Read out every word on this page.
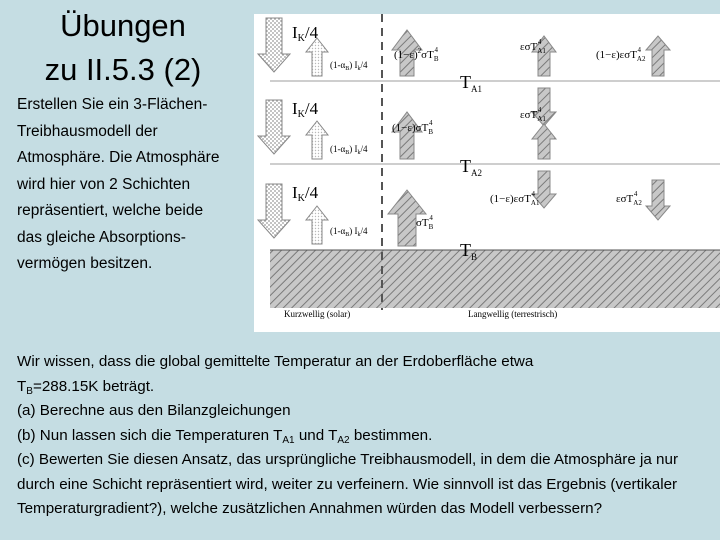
Übungen
zu II.5.3 (2)
Erstellen Sie ein 3-Flächen-
Treibhausmodell der
Atmosphäre. Die Atmosphäre
wird hier von 2 Schichten
repräsentiert, welche beide
das gleiche Absorptions-
vermögen besitzen.
IK/4
IK/4
IK/4
$(1-\alpha_B)$ $I_k/4$
$(1-\alpha_B)$ $I_k/4$
$(1-\alpha_B)$ $I_k/4$
$(1-\varepsilon)^2\sigma T_B4$	εσT$_{A1}$4
(1−ε)εσT$_{A2}$4
$(1-\varepsilon)\sigma T_B4$
εσT$_{A1}$4
(1−ε)εσT$_{A1}$4	εσT$_{A2}$4
$\sigma T_B4$
$T_{A1}$
$T_{A2}$
$T_B$
Kurzwellig (solar)	Langwellig (terrestrisch)

Wir wissen, dass die global gemittelte Temperatur an der Erdoberfläche etwa
$T_B=288.15K$ beträgt.

(a) Berechne aus den Bilanzgleichungen

(b) Nun lassen sich die Temperaturen $T_{A1}$ und $T_{A2}$ bestimmen.

(c) Bewerten Sie diesen Ansatz, das ursprüngliche Treibhausmodell, in dem die Atmosphäre ja nur durch eine Schicht repräsentiert wird, weiter zu verfeinern. Wie sinnvoll ist das Ergebnis (vertikaler Temperaturgradient?), welche zusätzlichen Annahmen würden das Modell verbessern?
